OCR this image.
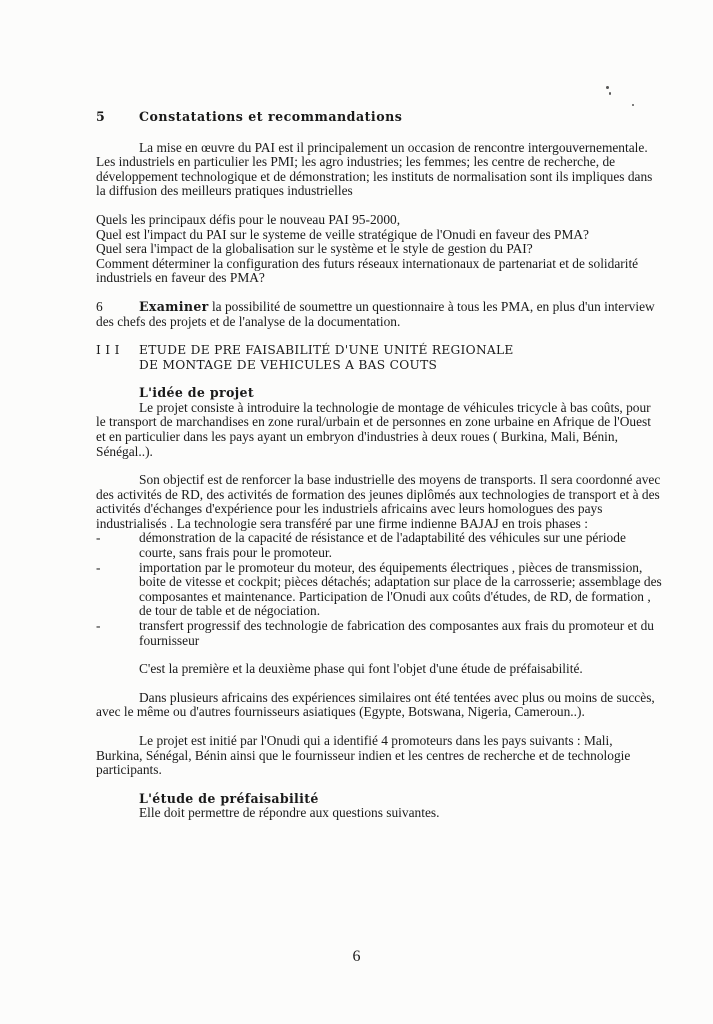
5	Constatations et recommandations

La mise en œuvre du PAI est il principalement un occasion de rencontre intergouvernementale. Les industriels en particulier les PMI; les agro industries; les femmes; les centre de recherche, de développement technologique et de démonstration; les instituts de normalisation sont ils impliques dans la diffusion des meilleurs pratiques industrielles

Quels les principaux défis pour le nouveau PAI 95-2000,

Quel est l'impact du PAI sur le systeme de veille stratégique de l'Onudi en faveur des PMA?

Quel sera l'impact de la globalisation sur le système et le style de gestion du PAI?

Comment déterminer la configuration des futurs réseaux internationaux de partenariat et de solidarité industriels en faveur des PMA?

6	Examiner la possibilité de soumettre un questionnaire à tous les PMA, en plus d'un interview des chefs des projets et de l'analyse de la documentation.

I I I	ETUDE DE PRE FAISABILITÉ D'UNE UNITÉ REGIONALE
DE MONTAGE DE VEHICULES A BAS COUTS
L'idée de projet

Le projet consiste à introduire la technologie de montage de véhicules tricycle à bas coûts, pour le transport de marchandises en zone rural/urbain et de personnes en zone urbaine en Afrique de l'Ouest et en particulier dans les pays ayant un embryon d'industries à deux roues ( Burkina, Mali, Bénin, Sénégal..).

Son objectif est de renforcer la base industrielle des moyens de transports. Il sera coordonné avec des activités de RD, des activités de formation des jeunes diplômés aux technologies de transport et à des activités d'échanges d'expérience pour les industriels africains avec leurs homologues des pays industrialisés . La technologie sera transféré par une firme indienne BAJAJ en trois phases :

-	démonstration de la capacité de résistance et de l'adaptabilité des véhicules sur une période courte, sans frais pour le promoteur.
-	importation par le promoteur du moteur, des équipements électriques , pièces de transmission, boite de vitesse et cockpit; pièces détachés; adaptation sur place de la carrosserie; assemblage des composantes et maintenance. Participation de l'Onudi aux coûts d'études, de RD, de formation , de tour de table et de négociation.
-	transfert progressif des technologie de fabrication des composantes aux frais du promoteur et du fournisseur

C'est la première et la deuxième phase qui font l'objet d'une étude de préfaisabilité.

Dans plusieurs africains des expériences similaires ont été tentées avec plus ou moins de succès, avec le même ou d'autres fournisseurs asiatiques (Egypte, Botswana, Nigeria, Cameroun..).

Le projet est initié par l'Onudi qui a identifié 4 promoteurs dans les pays suivants : Mali, Burkina, Sénégal, Bénin ainsi que le fournisseur indien et les centres de recherche et de technologie participants.

L'étude de préfaisabilité

Elle doit permettre de répondre aux questions suivantes.

6
